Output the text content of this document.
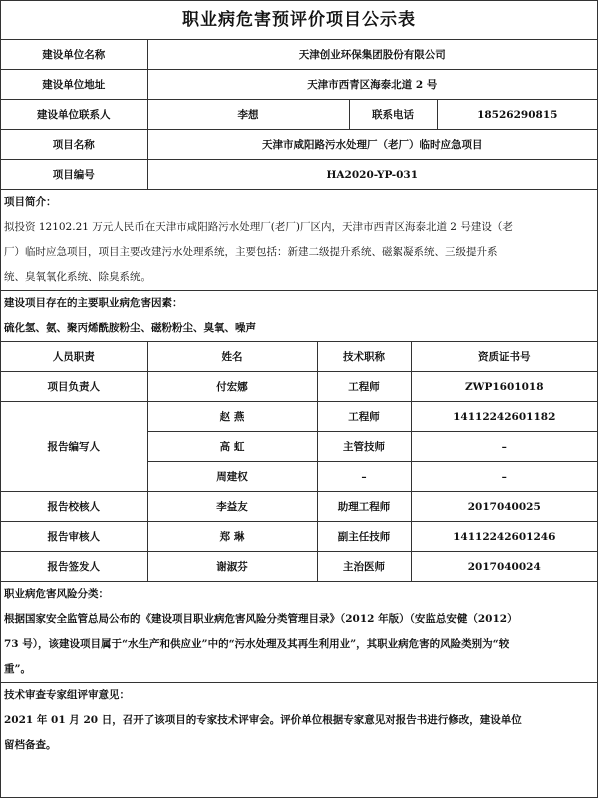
职业病危害预评价项目公示表
建设单位名称	天津创业环保集团股份有限公司		
建设单位地址	天津市西青区海泰北道 2 号		
建设单位联系人	李想	联系电话	18526290815
项目名称	天津市咸阳路污水处理厂（老厂）临时应急项目		
项目编号	HA2020-YP-031		
项目简介：
拟投资 12102.21 万元人民币在天津市咸阳路污水处理厂(老厂)厂区内，天津市西青区海泰北道 2 号建设（老
厂）临时应急项目，项目主要改建污水处理系统，主要包括：新建二级提升系统、磁絮凝系统、三级提升系
统、臭氧氧化系统、除臭系统。
建设项目存在的主要职业病危害因素：
硫化氢、氨、聚丙烯酰胺粉尘、磁粉粉尘、臭氧、噪声
人员职责	姓名	技术职称	资质证书号
项目负责人	付宏娜	工程师	ZWP1601018
报告编写人	赵 燕	工程师	14112242601182
	高 虹	主管技师	–
	周建权	–	–
报告校核人	李益友	助理工程师	2017040025
报告审核人	郑 琳	副主任技师	14112242601246
报告签发人	谢淑芬	主治医师	2017040024
职业病危害风险分类：
根据国家安全监管总局公布的《建设项目职业病危害风险分类管理目录》（2012 年版）（安监总安健（2012）
73 号），该建设项目属于“水生产和供应业”中的“污水处理及其再生利用业”，其职业病危害的风险类别为“较
重”。
技术审查专家组评审意见：
2021 年 01 月 20 日，召开了该项目的专家技术评审会。评价单位根据专家意见对报告书进行修改，建设单位
留档备查。
